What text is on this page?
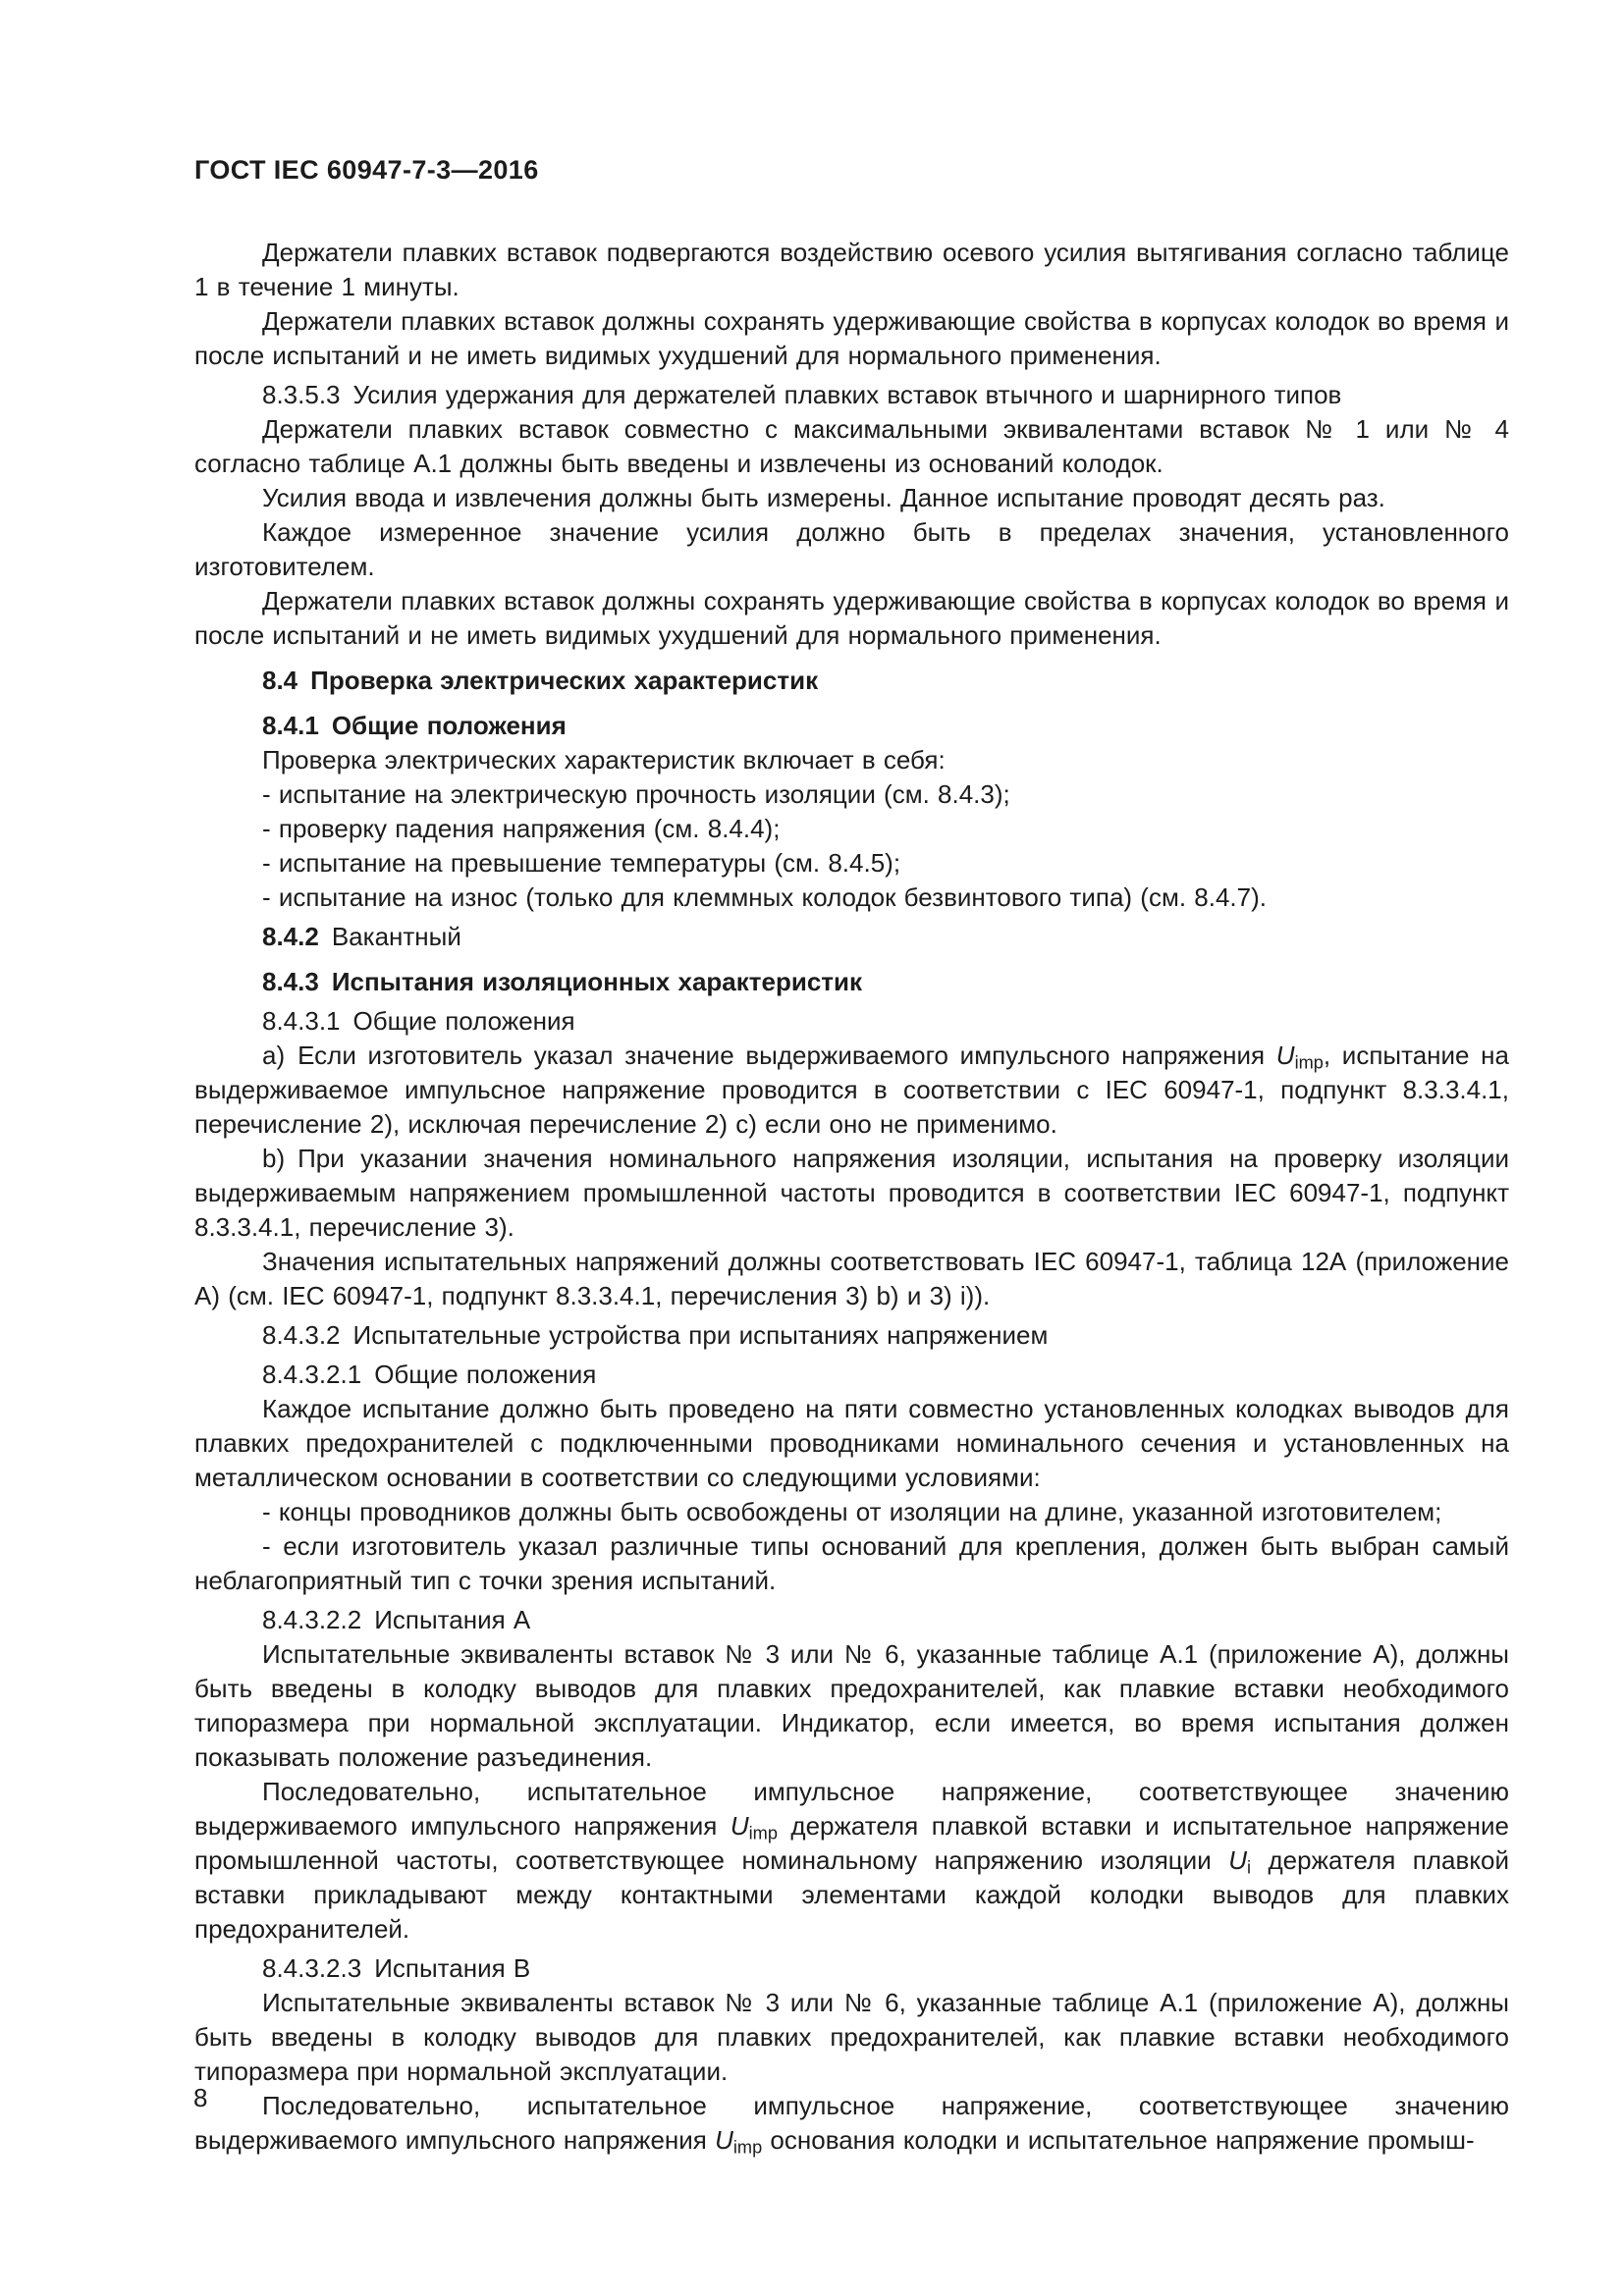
ГОСТ IEC 60947-7-3—2016

Держатели плавких вставок подвергаются воздействию осевого усилия вытягивания согласно таблице 1 в течение 1 минуты.

Держатели плавких вставок должны сохранять удерживающие свойства в корпусах колодок во время и после испытаний и не иметь видимых ухудшений для нормального применения.

8.3.5.3 Усилия удержания для держателей плавких вставок втычного и шарнирного типов

Держатели плавких вставок совместно с максимальными эквивалентами вставок № 1 или № 4 согласно таблице А.1 должны быть введены и извлечены из оснований колодок.

Усилия ввода и извлечения должны быть измерены. Данное испытание проводят десять раз.

Каждое измеренное значение усилия должно быть в пределах значения, установленного изготовителем.

Держатели плавких вставок должны сохранять удерживающие свойства в корпусах колодок во время и после испытаний и не иметь видимых ухудшений для нормального применения.

8.4 Проверка электрических характеристик

8.4.1 Общие положения

Проверка электрических характеристик включает в себя:

- испытание на электрическую прочность изоляции (см. 8.4.3);

- проверку падения напряжения (см. 8.4.4);

- испытание на превышение температуры (см. 8.4.5);

- испытание на износ (только для клеммных колодок безвинтового типа) (см. 8.4.7).

8.4.2 Вакантный

8.4.3 Испытания изоляционных характеристик

8.4.3.1 Общие положения

a) Если изготовитель указал значение выдерживаемого импульсного напряжения $U_{imp}$, испытание на выдерживаемое импульсное напряжение проводится в соответствии с IEC 60947-1, подпункт 8.3.3.4.1, перечисление 2), исключая перечисление 2) c) если оно не применимо.

b) При указании значения номинального напряжения изоляции, испытания на проверку изоляции выдерживаемым напряжением промышленной частоты проводится в соответствии IEC 60947-1, подпункт 8.3.3.4.1, перечисление 3).

Значения испытательных напряжений должны соответствовать IEC 60947-1, таблица 12А (приложение А) (см. IEC 60947-1, подпункт 8.3.3.4.1, перечисления 3) b) и 3) i)).

8.4.3.2 Испытательные устройства при испытаниях напряжением

8.4.3.2.1 Общие положения

Каждое испытание должно быть проведено на пяти совместно установленных колодках выводов для плавких предохранителей с подключенными проводниками номинального сечения и установленных на металлическом основании в соответствии со следующими условиями:

- концы проводников должны быть освобождены от изоляции на длине, указанной изготовителем;

- если изготовитель указал различные типы оснований для крепления, должен быть выбран самый неблагоприятный тип с точки зрения испытаний.

8.4.3.2.2 Испытания А

Испытательные эквиваленты вставок № 3 или № 6, указанные таблице А.1 (приложение А), должны быть введены в колодку выводов для плавких предохранителей, как плавкие вставки необходимого типоразмера при нормальной эксплуатации. Индикатор, если имеется, во время испытания должен показывать положение разъединения.

Последовательно, испытательное импульсное напряжение, соответствующее значению выдерживаемого импульсного напряжения $U_{imp}$ держателя плавкой вставки и испытательное напряжение промышленной частоты, соответствующее номинальному напряжению изоляции $U_i$ держателя плавкой вставки прикладывают между контактными элементами каждой колодки выводов для плавких предохранителей.

8.4.3.2.3 Испытания В

Испытательные эквиваленты вставок № 3 или № 6, указанные таблице А.1 (приложение А), должны быть введены в колодку выводов для плавких предохранителей, как плавкие вставки необходимого типоразмера при нормальной эксплуатации.

Последовательно, испытательное импульсное напряжение, соответствующее значению выдерживаемого импульсного напряжения $U_{imp}$ основания колодки и испытательное напряжение промыш-

8
